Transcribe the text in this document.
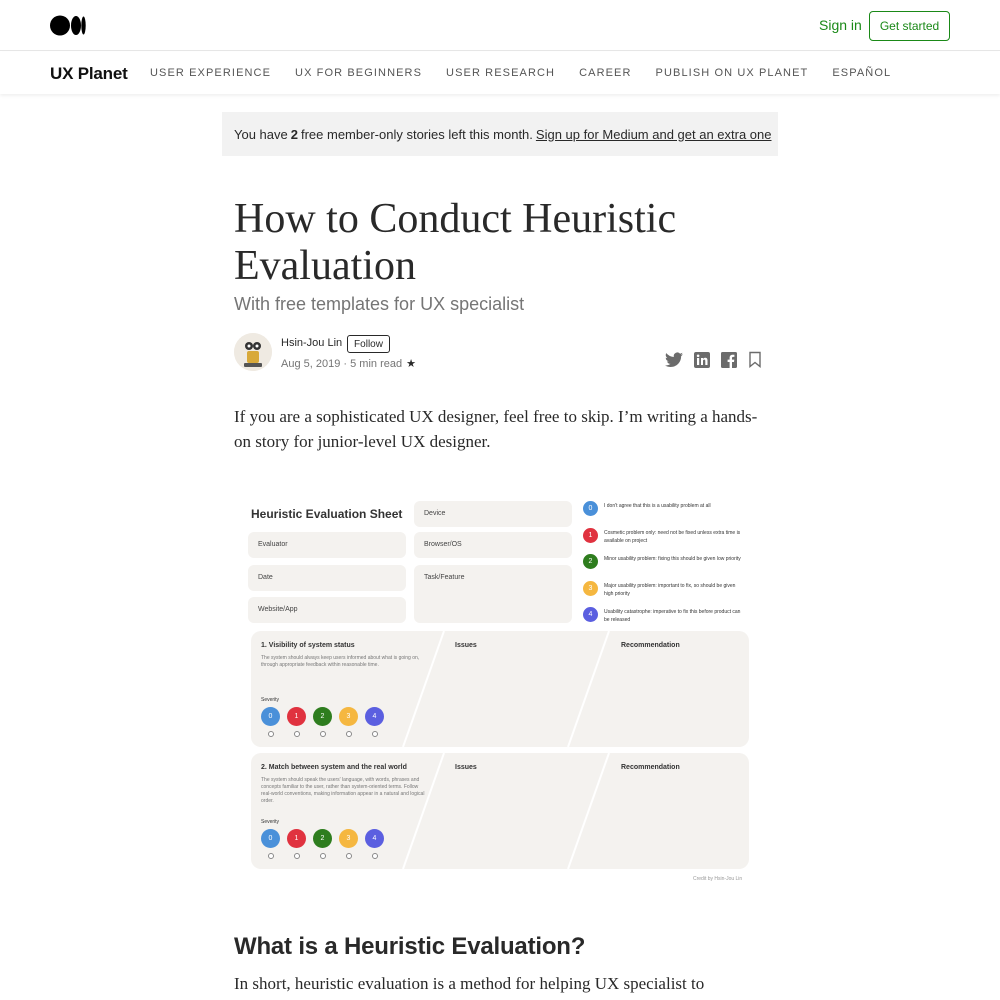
Sign in	Get started
UX Planet USER EXPERIENCE UX FOR BEGINNERS USER RESEARCH CAREER PUBLISH ON UX PLANET ESPAÑOL
You have 2 free member-only stories left this month. Sign up for Medium and get an extra one
How to Conduct Heuristic Evaluation
With free templates for UX specialist
Hsin-Jou Lin	Follow
Aug 5, 2019 · 5 min read ★

If you are a sophisticated UX designer, feel free to skip. I’m writing a hands-on story for junior-level UX designer.

Heuristic Evaluation Sheet
Evaluator
Date
Website/App
Device
Browser/OS
Task/Feature
0	I don't agree that this is a usability problem at all
1	Cosmetic problem only: need not be fixed unless extra time is available on project
2	Minor usability problem: fixing this should be given low priority
3	Major usability problem: important to fix, so should be given high priority
4	Usability catastrophe: imperative to fix this before product can be released
1. Visibility of system status
The system should always keep users informed about what is going on, through appropriate feedback within reasonable time.
Severity
0	1	2	3	4
Issues	Recommendation
2. Match between system and the real world
The system should speak the users' language, with words, phrases and concepts familiar to the user, rather than system-oriented terms. Follow real-world conventions, making information appear in a natural and logical order.
Severity
0	1	2	3	4
Issues	Recommendation
Credit by Hsin-Jou Lin
What is a Heuristic Evaluation?

In short, heuristic evaluation is a method for helping UX specialist to
